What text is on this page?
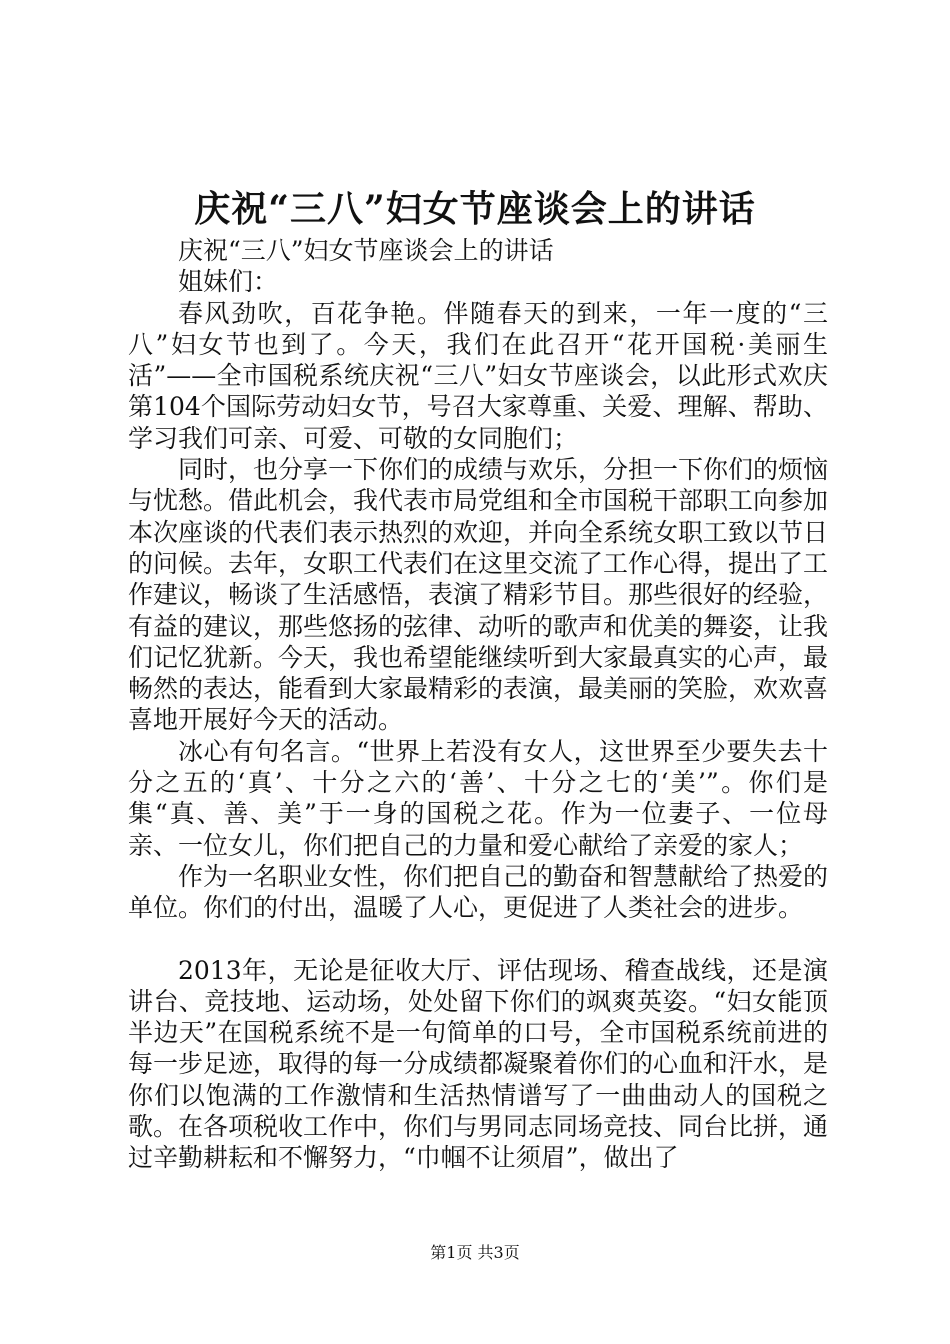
庆祝“三八”妇女节座谈会上的讲话

庆祝“三八”妇女节座谈会上的讲话

姐妹们：

春风劲吹，百花争艳。伴随春天的到来，一年一度的“三八”妇女节也到了。今天，我们在此召开“花开国税·美丽生活”——全市国税系统庆祝“三八”妇女节座谈会，以此形式欢庆第104个国际劳动妇女节，号召大家尊重、关爱、理解、帮助、学习我们可亲、可爱、可敬的女同胞们；

同时，也分享一下你们的成绩与欢乐，分担一下你们的烦恼与忧愁。借此机会，我代表市局党组和全市国税干部职工向参加本次座谈的代表们表示热烈的欢迎，并向全系统女职工致以节日的问候。去年，女职工代表们在这里交流了工作心得，提出了工作建议，畅谈了生活感悟，表演了精彩节目。那些很好的经验，有益的建议，那些悠扬的弦律、动听的歌声和优美的舞姿，让我们记忆犹新。今天，我也希望能继续听到大家最真实的心声，最畅然的表达，能看到大家最精彩的表演，最美丽的笑脸，欢欢喜喜地开展好今天的活动。

冰心有句名言。“世界上若没有女人，这世界至少要失去十分之五的‘真’、十分之六的‘善’、十分之七的‘美’”。你们是集“真、善、美”于一身的国税之花。作为一位妻子、一位母亲、一位女儿，你们把自己的力量和爱心献给了亲爱的家人；

作为一名职业女性，你们把自己的勤奋和智慧献给了热爱的单位。你们的付出，温暖了人心，更促进了人类社会的进步。

2013年，无论是征收大厅、评估现场、稽查战线，还是演讲台、竞技地、运动场，处处留下你们的飒爽英姿。“妇女能顶半边天”在国税系统不是一句简单的口号，全市国税系统前进的每一步足迹，取得的每一分成绩都凝聚着你们的心血和汗水，是你们以饱满的工作激情和生活热情谱写了一曲曲动人的国税之歌。在各项税收工作中，你们与男同志同场竞技、同台比拼，通过辛勤耕耘和不懈努力，“巾帼不让须眉”，做出了

第1页 共3页
